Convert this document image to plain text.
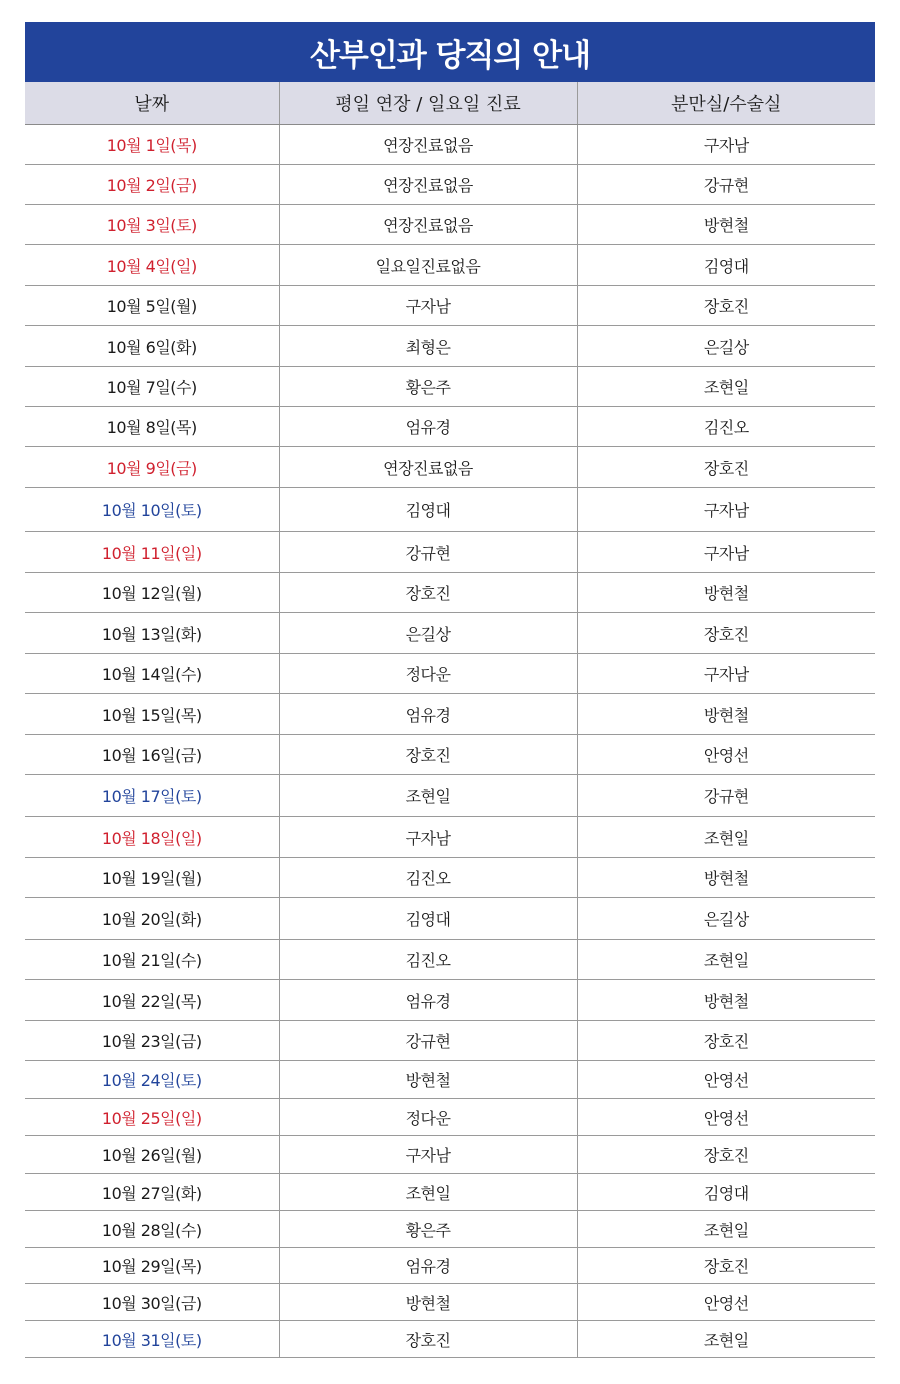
산부인과 당직의 안내
날짜	평일 연장 / 일요일 진료	분만실/수술실
10월 1일(목)	연장진료없음	구자남
10월 2일(금)	연장진료없음	강규현
10월 3일(토)	연장진료없음	방현철
10월 4일(일)	일요일진료없음	김영대
10월 5일(월)	구자남	장호진
10월 6일(화)	최형은	은길상
10월 7일(수)	황은주	조현일
10월 8일(목)	엄유경	김진오
10월 9일(금)	연장진료없음	장호진
10월 10일(토)	김영대	구자남
10월 11일(일)	강규현	구자남
10월 12일(월)	장호진	방현철
10월 13일(화)	은길상	장호진
10월 14일(수)	정다운	구자남
10월 15일(목)	엄유경	방현철
10월 16일(금)	장호진	안영선
10월 17일(토)	조현일	강규현
10월 18일(일)	구자남	조현일
10월 19일(월)	김진오	방현철
10월 20일(화)	김영대	은길상
10월 21일(수)	김진오	조현일
10월 22일(목)	엄유경	방현철
10월 23일(금)	강규현	장호진
10월 24일(토)	방현철	안영선
10월 25일(일)	정다운	안영선
10월 26일(월)	구자남	장호진
10월 27일(화)	조현일	김영대
10월 28일(수)	황은주	조현일
10월 29일(목)	엄유경	장호진
10월 30일(금)	방현철	안영선
10월 31일(토)	장호진	조현일
